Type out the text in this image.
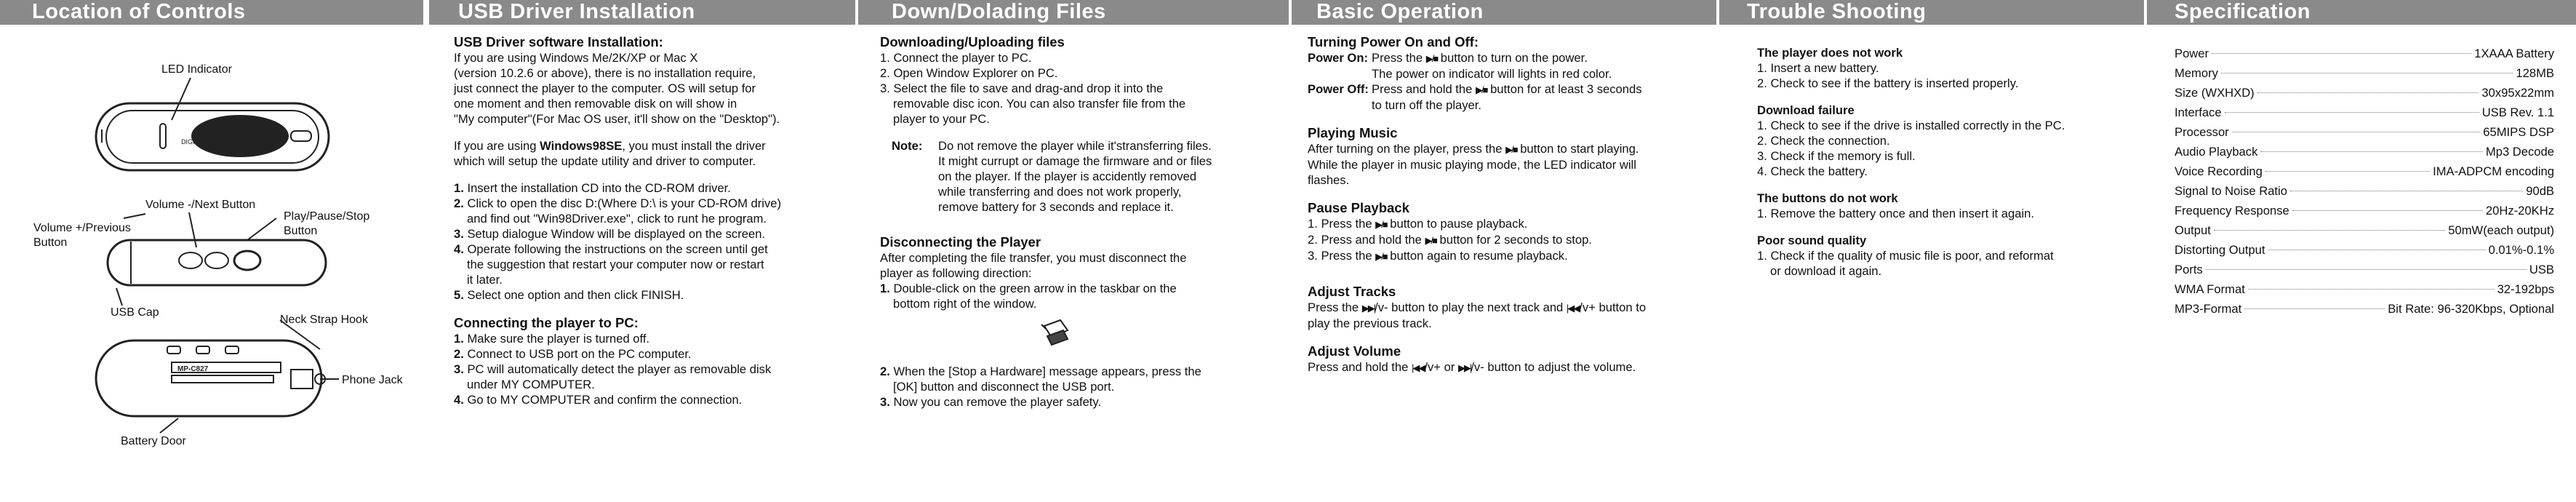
Location of Controls
LED Indicator
Volume -/Next Button
Volume +/Previous Button
Play/Pause/Stop Button
USB Cap
Neck Strap Hook
Phone Jack
Battery Door
COBY
DIGITAL AUDIO PLAYER
MP-C827
USB Driver Installation
USB Driver software Installation:

If you are using Windows Me/2K/XP or Mac X

(version 10.2.6 or above), there is no installation require,

just connect the player to the computer. OS will setup for

one moment and then removable disk on will show in

"My computer"(For Mac OS user, it'll show on the "Desktop").

If you are using Windows98SE, you must install the driver

which will setup the update utility and driver to computer.

1. Insert the installation CD into the CD-ROM driver.

2. Click to open the disc D:(Where D:\ is your CD-ROM drive)

and find out "Win98Driver.exe", click to runt he program.

3. Setup dialogue Window will be displayed on the screen.

4. Operate following the instructions on the screen until get

the suggestion that restart your computer now or restart

it later.

5. Select one option and then click FINISH.

Connecting the player to PC:

1. Make sure the player is turned off.

2. Connect to USB port on the PC computer.

3. PC will automatically detect the player as removable disk

under MY COMPUTER.

4. Go to MY COMPUTER and confirm the connection.

Down/Dolading Files
Downloading/Uploading files

1. Connect the player to PC.

2. Open Window Explorer on PC.

3. Select the file to save and drag-and drop it into the

removable disc icon. You can also transfer file from the

player to your PC.

Note:	Do not remove the player while it'stransferring files.

It might currupt or damage the firmware and or files

on the player. If the player is accidently removed

while transferring and does not work properly,

remove battery for 3 seconds and replace it.

Disconnecting the Player

After completing the file transfer, you must disconnect the

player as following direction:

1. Double-click on the green arrow in the taskbar on the

bottom right of the window.

2. When the [Stop a Hardware] message appears, press the

[OK] button and disconnect the USB port.

3. Now you can remove the player safety.

Basic Operation
Turning Power On and Off:
Power On: Press the ▶/■ button to turn on the power.

The power on indicator will lights in red color.

Power Off: Press and hold the ▶/■ button for at least 3 seconds

to turn off the player.

Playing Music

After turning on the player, press the ▶/■ button to start playing.

While the player in music playing mode, the LED indicator will

flashes.

Pause Playback

1. Press the ▶/■ button to pause playback.

2. Press and hold the ▶/■ button for 2 seconds to stop.

3. Press the ▶/■ button again to resume playback.

Adjust Tracks

Press the ▶▶|/v- button to play the next track and |◀◀/v+ button to

play the previous track.

Adjust Volume

Press and hold the |◀◀/v+ or ▶▶|/v- button to adjust the volume.

Trouble Shooting
The player does not work

1. Insert a new battery.

2. Check to see if the battery is inserted properly.

Download failure

1. Check to see if the drive is installed correctly in the PC.

2. Check the connection.

3. Check if the memory is full.

4. Check the battery.

The buttons do not work

1. Remove the battery once and then insert it again.

Poor sound quality

1. Check if the quality of music file is poor, and reformat

or download it again.

Specification
Power	1XAAA Battery
Memory	128MB
Size (WXHXD)	30x95x22mm
Interface	USB Rev. 1.1
Processor	65MIPS DSP
Audio Playback	Mp3 Decode
Voice Recording	IMA-ADPCM encoding
Signal to Noise Ratio	90dB
Frequency Response	20Hz-20KHz
Output	50mW(each output)
Distorting Output	0.01%-0.1%
Ports	USB
WMA Format	32-192bps
MP3-Format	Bit Rate: 96-320Kbps, Optional
